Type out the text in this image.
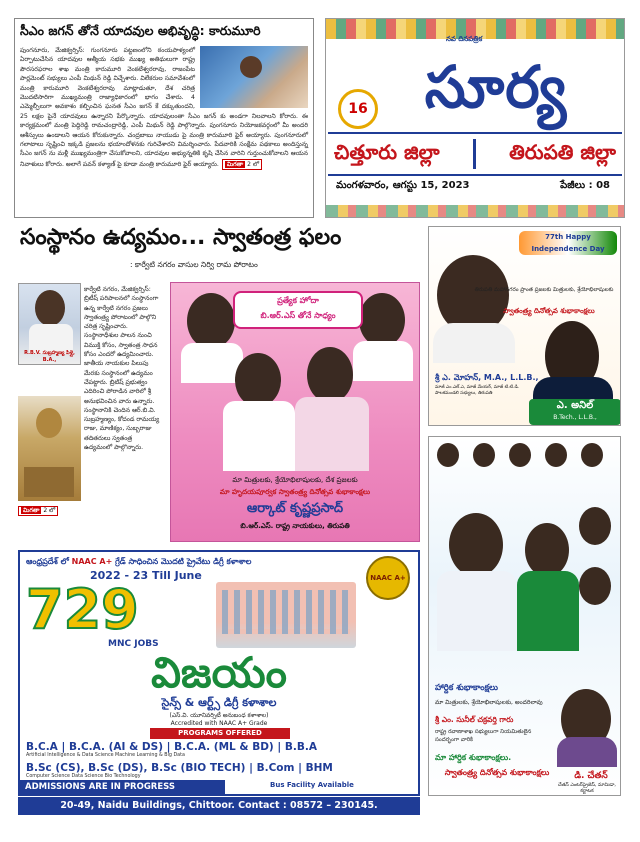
సీఎం జగన్ తోనే యాదవుల అభివృద్ధి: కారుమూరి

పుంగనూరు, మేజిక్వర్సిస్: గుంగనూరు పట్టణంలోని ఠంయపాళ్యంలో ఏర్పాటుచేసిన యాదవుల ఆత్మీయ సభకు ముఖ్య అతిథులుగా రాష్ట్ర పౌరసరఫరాల శాఖ మంత్రి కారుమూరి వెంకటేశ్వరరావు, రాజంపేట పార్లమెంట్ సభ్యులు ఎంపీ మిథున్ రెడ్డి విచ్చేశారు. విలేకరుల సమావేశంలో మంత్రి కారుమూరి వెంకటేశ్వరరావు మాట్లాడుతూ, దేశ చరిత్ర మొదటిసారిగా ముఖ్యమంత్రి రాజ్యాధికారంలో భాగం చేశారు. 4 ఎమ్మెల్సీలుగా అవకాశం కల్పించిన ఘనత సీఎం జగన్ కే దక్కుతుందని, 25 లక్షల పైనే యాదవులు ఉన్నారని పేర్కొన్నారు. యాదవులంతా సీఎం జగన్ కు అండగా నిలవాలని కోరారు. ఈ కార్యక్రమంలో మంత్రి పెద్దిరెడ్డి రామచంద్రారెడ్డి, ఎంపీ మిథున్ రెడ్డి పాల్గొన్నారు. పుంగనూరు నియోజకవర్గంలో మీ అందరి ఆశీస్సులు ఉండాలని ఆయన కోరుకున్నారు. చంద్రబాబు నాయుడు పై మంత్రి కారుమూరి ఫైర్ అయ్యారు. పుంగనూరులో గలాటాలు సృష్టించి ఇక్కడి ప్రజలను భయాందోళనకు గురిచేశారని విమర్శించారు. పేదవారికి సంక్షేమ పథకాలు అందిస్తున్న సీఎం జగన్ ను మళ్లీ ముఖ్యమంత్రిగా చేసుకోవాలని, యాదవుల అభ్యున్నతికి కృషి చేసిన వారిని గుర్తుంచుకోవాలని ఆయన నివాళులు కోరారు. అలాగే పవన్ కళ్యాణ్ పై కూడా మంత్రి కారుమూరి ఫైర్ అయ్యారు. మిగతా 2 లో

నవ దినపత్రిక
16 సూర్య
చిత్తూరు జిల్లా	తిరుపతి జిల్లా
మంగళవారం, ఆగస్టు 15, 2023	పేజీలు : 08
సంస్థానం ఉద్యమం... స్వాతంత్ర ఫలం
: కార్వేటి నగరం వాసుల నిర్వి రామ పోరాటం
R.B.V. సుబ్రహ్మణ్య పిళ్లై, B.A.,

కార్వేటి నగరం, మేజిక్వర్సిస్: బ్రిటీష్ పరిపాలనలో సంస్థానంగా ఉన్న కార్వేటి నగరం ప్రజలు స్వాతంత్ర్య పోరాటంలో పాల్గొని చరిత్ర సృష్టించారు. సంస్థానాధీశుల పాలన నుంచి విముక్తి కోసం, స్వాతంత్ర సాధన కోసం ఎందరో ఉద్యమించారు. జాతీయ నాయకుల పిలుపు మేరకు సంస్థానంలో ఉద్యమం చేపట్టారు. బ్రిటిష్ ప్రభుత్వం ఎదిరించి పోరాడిన వారిలో శ్రీ అనుభవించిన వారు ఉన్నారు. సంస్థానానికి చెందిన ఆర్.బి.వి. సుబ్రహ్మణ్యం, కోదండ రామయ్య రాజు, మాణిక్యం, సుబ్బరాజు తదితరులు స్వతంత్ర ఉద్యమంలో పాల్గొన్నారు.

మిగతా 2 లో
ప్రత్యేక హోదా
బి.ఆర్.ఎస్ తోనే సాధ్యం
మా మిత్రులకు, శ్రేయోభిలాషులకు, దేశ ప్రజలకు
మా హృదయపూర్వక స్వాతంత్ర్య దినోత్సవ శుభాకాంక్షలు
ఆర్కాట్ కృష్ణప్రసాద్
బి.ఆర్.ఎస్. రాష్ట్ర నాయకులు, తిరుపతి
77th Happy Independence Day
తిరుపతి మహానగరం ప్రాంత ప్రజలకు మిత్రులకు, శ్రేయోభిలాషులకు
స్వాతంత్ర్య దినోత్సవ శుభాకాంక్షలు
శ్రీ ఎ. మోహన్, M.A., L.L.B.,
మాజీ ఎం.ఎల్.ఎ, మాజీ మేయర్, మాజీ టి.టి.డి. పాలకమండలి సభ్యులు, తిరుపతి
ఎ. అనిల్
B.Tech., L.L.B.,
హార్దిక శుభాకాంక్షలు
మా మిత్రులకు, శ్రేయోభిలాషులకు, అందరిలావు
శ్రీ ఎం. సునీల్ చక్రవర్తి గారు
రాష్ట్ర రవాణాశాఖ సభ్యులుగా నియమితులైన సందర్భంగా వారికి
మా హార్దిక శుభాకాంక్షలు.
స్వాతంత్ర్య దినోత్సవ శుభాకాంక్షలు	డి. చేతన్
చేతన్ ఎంటర్‌ప్రైజెస్, మామిడా, కర్ణాటక
ఆంధ్రప్రదేశ్ లో NAAC A+ గ్రేడ్ సాధించిన మొదటి ప్రైవేటు డిగ్రీ కళాశాల
NAAC A+
2022 - 23 Till June
729
MNC JOBS
విజయం
సైన్స్ & ఆర్ట్స్ డిగ్రీ కళాశాల
(ఎస్.వి. యూనివర్సిటీ అనుబంధ కళాశాల)
Accredited with NAAC A+ Grade
PROGRAMS OFFERED
B.C.A | B.C.A. (AI & DS) | B.C.A. (ML & BD) | B.B.A
Artificial Intelligence & Data Science Machine Learning & Big Data
B.Sc (CS), B.Sc (DS), B.Sc (BIO TECH) | B.Com | BHM
Computer Science Data Science Bio Technology
ADMISSIONS ARE IN PROGRESS	Bus Facility Available
20-49, Naidu Buildings, Chittoor. Contact : 08572 – 230145.
